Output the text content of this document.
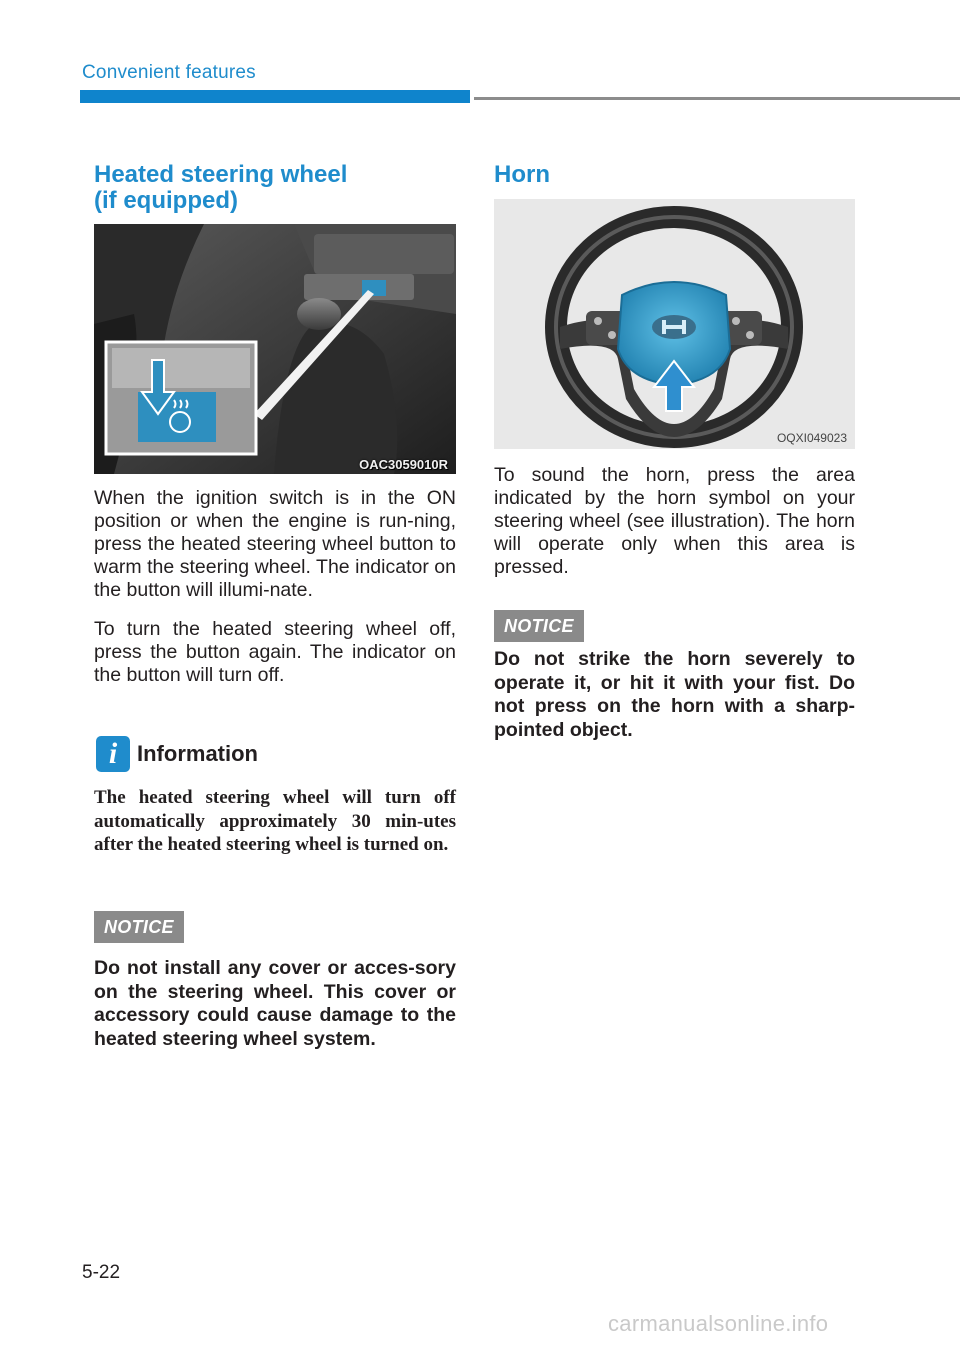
Convenient features
Heated steering wheel
(if equipped)
OAC3059010R

When the ignition switch is in the ON position or when the engine is run-ning, press the heated steering wheel button to warm the steering wheel. The indicator on the button will illumi-nate.

To turn the heated steering wheel off, press the button again. The indicator on the button will turn off.

i Information

The heated steering wheel will turn off automatically approximately 30 min-utes after the heated steering wheel is turned on.

NOTICE

Do not install any cover or acces-sory on the steering wheel. This cover or accessory could cause damage to the heated steering wheel system.

Horn
OQXI049023

To sound the horn, press the area indicated by the horn symbol on your steering wheel (see illustration). The horn will operate only when this area is pressed.

NOTICE

Do not strike the horn severely to operate it, or hit it with your fist. Do not press on the horn with a sharp-pointed object.

5-22
carmanualsonline.info
